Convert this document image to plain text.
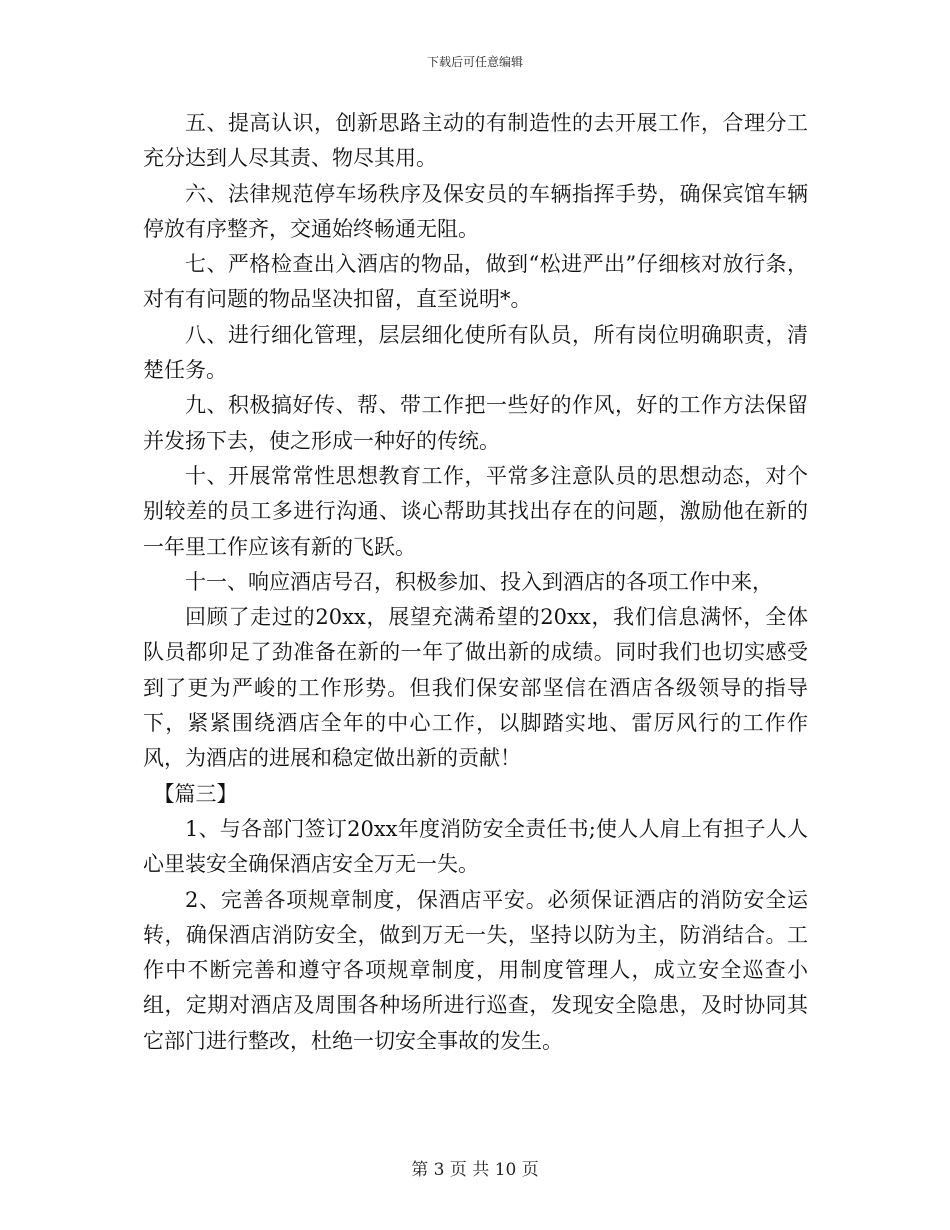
下载后可任意编辑

五、提高认识，创新思路主动的有制造性的去开展工作，合理分工充分达到人尽其责、物尽其用。

六、法律规范停车场秩序及保安员的车辆指挥手势，确保宾馆车辆停放有序整齐，交通始终畅通无阻。

七、严格检查出入酒店的物品，做到“松进严出”仔细核对放行条，对有有问题的物品坚决扣留，直至说明*。

八、进行细化管理，层层细化使所有队员，所有岗位明确职责，清楚任务。

九、积极搞好传、帮、带工作把一些好的作风，好的工作方法保留并发扬下去，使之形成一种好的传统。

十、开展常常性思想教育工作，平常多注意队员的思想动态，对个别较差的员工多进行沟通、谈心帮助其找出存在的问题，激励他在新的一年里工作应该有新的飞跃。

十一、响应酒店号召，积极参加、投入到酒店的各项工作中来，

回顾了走过的20xx，展望充满希望的20xx，我们信息满怀，全体队员都卯足了劲准备在新的一年了做出新的成绩。同时我们也切实感受到了更为严峻的工作形势。但我们保安部坚信在酒店各级领导的指导下，紧紧围绕酒店全年的中心工作，以脚踏实地、雷厉风行的工作作风，为酒店的进展和稳定做出新的贡献！

【篇三】

1、与各部门签订20xx年度消防安全责任书;使人人肩上有担子人人心里装安全确保酒店安全万无一失。

2、完善各项规章制度，保酒店平安。必须保证酒店的消防安全运转，确保酒店消防安全，做到万无一失，坚持以防为主，防消结合。工作中不断完善和遵守各项规章制度，用制度管理人，成立安全巡查小组，定期对酒店及周围各种场所进行巡查，发现安全隐患，及时协同其它部门进行整改，杜绝一切安全事故的发生。

第 3 页 共 10 页
